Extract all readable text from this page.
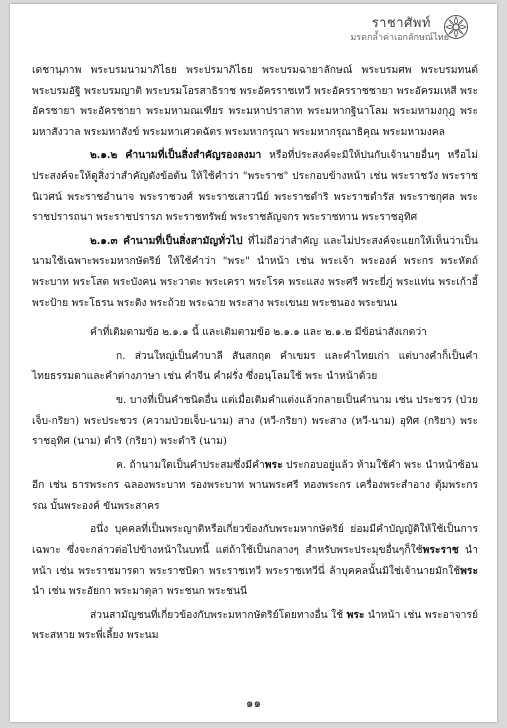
ราชาศัพท์
มรดกล้ำค่าเอกลักษณ์ไทย

เดชานุภาพ พระบรมนามาภิไธย พระปรมาภิไธย พระบรมฉายาลักษณ์ พระบรมศพ พระบรมทนต์ พระบรมอัฐิ พระบรมญาติ พระบรมโอรสาธิราช พระอัครราชเทวี พระอัครราชชายา พระอัครมเหสี พระอัครชายา พระอัครชายา พระมหามณเฑียร พระมหาปราสาท พระมหากฐินาโลม พระมหามงกุฎ พระมหาสังวาล พระมหาสังข์ พระมหาเศวตฉัตร พระมหากรุณา พระมหากรุณาธิคุณ พระมหามงคล

๒.๑.๒ คำนามที่เป็นสิ่งสำคัญรองลงมา หรือที่ประสงค์จะมิให้ปนกับเจ้านายอื่นๆ หรือไม่ประสงค์จะให้ดูสิ่งว่าสำคัญดังข้อต้น ให้ใช้คำว่า "พระราช" ประกอบข้างหน้า เช่น พระราชวัง พระราชนิเวศน์ พระราชอำนาจ พระราชวงศ์ พระราชเสาวนีย์ พระราชดำริ พระราชดำรัส พระราชกุศล พระราชปรารถนา พระราชปรารภ พระราชทรัพย์ พระราชลัญจกร พระราชทาน พระราชอุทิศ

๒.๑.๓ คำนามที่เป็นสิ่งสามัญทั่วไป ที่ไม่ถือว่าสำคัญ และไม่ประสงค์จะแยกให้เห็นว่าเป็นนามใช้เฉพาะพระมหากษัตริย์ ให้ใช้คำว่า "พระ" นำหน้า เช่น พระเจ้า พระองค์ พระกร พระหัตถ์ พระบาท พระโสต พระบังคน พระวาตะ พระเครา พระโรค พระแสง พระศรี พระยี่ภู่ พระแท่น พระเก้าอี้ พระป้าย พระโธรน พระดิง พระถ้วย พระฉาย พระสาง พระเขนย พระชนอง พระขนน

คำที่เติมตามข้อ ๒.๑.๑ นี้ และเติมตามข้อ ๒.๑.๑ และ ๒.๑.๒ มีข้อน่าสังเกตว่า

ก. ส่วนใหญ่เป็นคำบาลี สันสกฤต คำเขมร และคำไทยเก่า แต่บางคำก็เป็นคำไทยธรรมดาและคำต่างภาษา เช่น คำจีน คำฝรั่ง ซึ่งอนุโลมใช้ พระ นำหน้าด้วย

ข. บางที่เป็นคำชนิดอื่น แต่เมื่อเติมคำแต่งแล้วกลายเป็นคำนาม เช่น ประชวร (ป่วยเจ็บ-กริยา) พระประชวร (ความป่วยเจ็บ-นาม) สาง (หวี-กริยา) พระสาง (หวี-นาม) อุทิศ (กริยา) พระราชอุทิศ (นาม) ดำริ (กริยา) พระดำริ (นาม)

ค. ถ้านามใดเป็นคำประสมซึ่งมีคำพระ ประกอบอยู่แล้ว ห้ามใช้คำ พระ นำหน้าซ้อนอีก เช่น ธารพระกร ฉลองพระบาท รองพระบาท พานพระศรี ทองพระกร เครื่องพระสำอาง ตุ้มพระกรรณ บั้นพระองค์ ขันพระสาคร

อนึ่ง บุคคลที่เป็นพระญาติหรือเกี่ยวข้องกับพระมหากษัตริย์ ย่อมมีคำบัญญัติให้ใช้เป็นการเฉพาะ ซึ่งจะกล่าวต่อไปข้างหน้าในบทนี้ แต่ถ้าใช้เป็นกลางๆ สำหรับพระประมุขอื่นๆก็ใช้พระราช นำหน้า เช่น พระราชมารดา พระราชบิดา พระราชเทวี พระราชเทวีนี่ ล้าบุคคลนั้นมิใช่เจ้านายมักใช้พระ นำ เช่น พระอัยกา พระมาตุลา พระชนก พระชนนี

ส่วนสามัญชนที่เกี่ยวข้องกับพระมหากษัตริย์โดยทางอื่น ใช้ พระ นำหน้า เช่น พระอาจารย์ พระสหาย พระพี่เลี้ยง พระนม

๑๑
